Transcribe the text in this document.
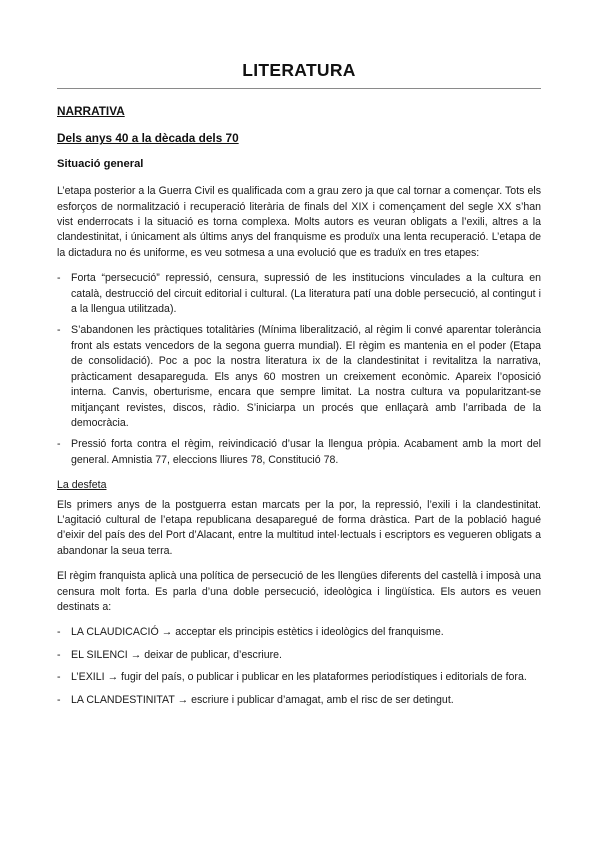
LITERATURA
NARRATIVA
Dels anys 40 a la dècada dels 70
Situació general

L’etapa posterior a la Guerra Civil es qualificada com a grau zero ja que cal tornar a començar. Tots els esforços de normalització i recuperació literària de finals del XIX i començament del segle XX s’han vist enderrocats i la situació es torna complexa. Molts autors es veuran obligats a l’exili, altres a la clandestinitat, i únicament als últims anys del franquisme es produïx una lenta recuperació. L’etapa de la dictadura no és uniforme, es veu sotmesa a una evolució que es traduïx en tres etapes:

- Forta “persecució” repressió, censura, supressió de les institucions vinculades a la cultura en català, destrucció del circuit editorial i cultural. (La literatura patí una doble persecució, al contingut i a la llengua utilitzada).
- S’abandonen les pràctiques totalitàries (Mínima liberalització, al règim li convé aparentar tolerància front als estats vencedors de la segona guerra mundial). El règim es mantenia en el poder (Etapa de consolidació). Poc a poc la nostra literatura ix de la clandestinitat i revitalitza la narrativa, pràcticament desapareguda. Els anys 60 mostren un creixement econòmic. Apareix l’oposició interna. Canvis, oberturisme, encara que sempre limitat. La nostra cultura va popularitzant-se mitjançant revistes, discos, ràdio. S’iniciarpa un procés que enllaçarà amb l’arribada de la democràcia.
- Pressió forta contra el règim, reivindicació d’usar la llengua pròpia. Acabament amb la mort del general. Amnistia 77, eleccions lliures 78, Constitució 78.
La desfeta

Els primers anys de la postguerra estan marcats per la por, la repressió, l’exili i la clandestinitat. L’agitació cultural de l’etapa republicana desaparegué de forma dràstica. Part de la població hagué d’eixir del país des del Port d’Alacant, entre la multitud intel·lectuals i escriptors es vegueren obligats a abandonar la seua terra.

El règim franquista aplicà una política de persecució de les llengües diferents del castellà i imposà una censura molt forta. Es parla d’una doble persecució, ideològica i lingüística. Els autors es veuen destinats a:

- LA CLAUDICACIÓ → acceptar els principis estètics i ideològics del franquisme.
- EL SILENCI → deixar de publicar, d’escriure.
- L’EXILI → fugir del país, o publicar i publicar en les plataformes periodístiques i editorials de fora.
- LA CLANDESTINITAT → escriure i publicar d’amagat, amb el risc de ser detingut.
